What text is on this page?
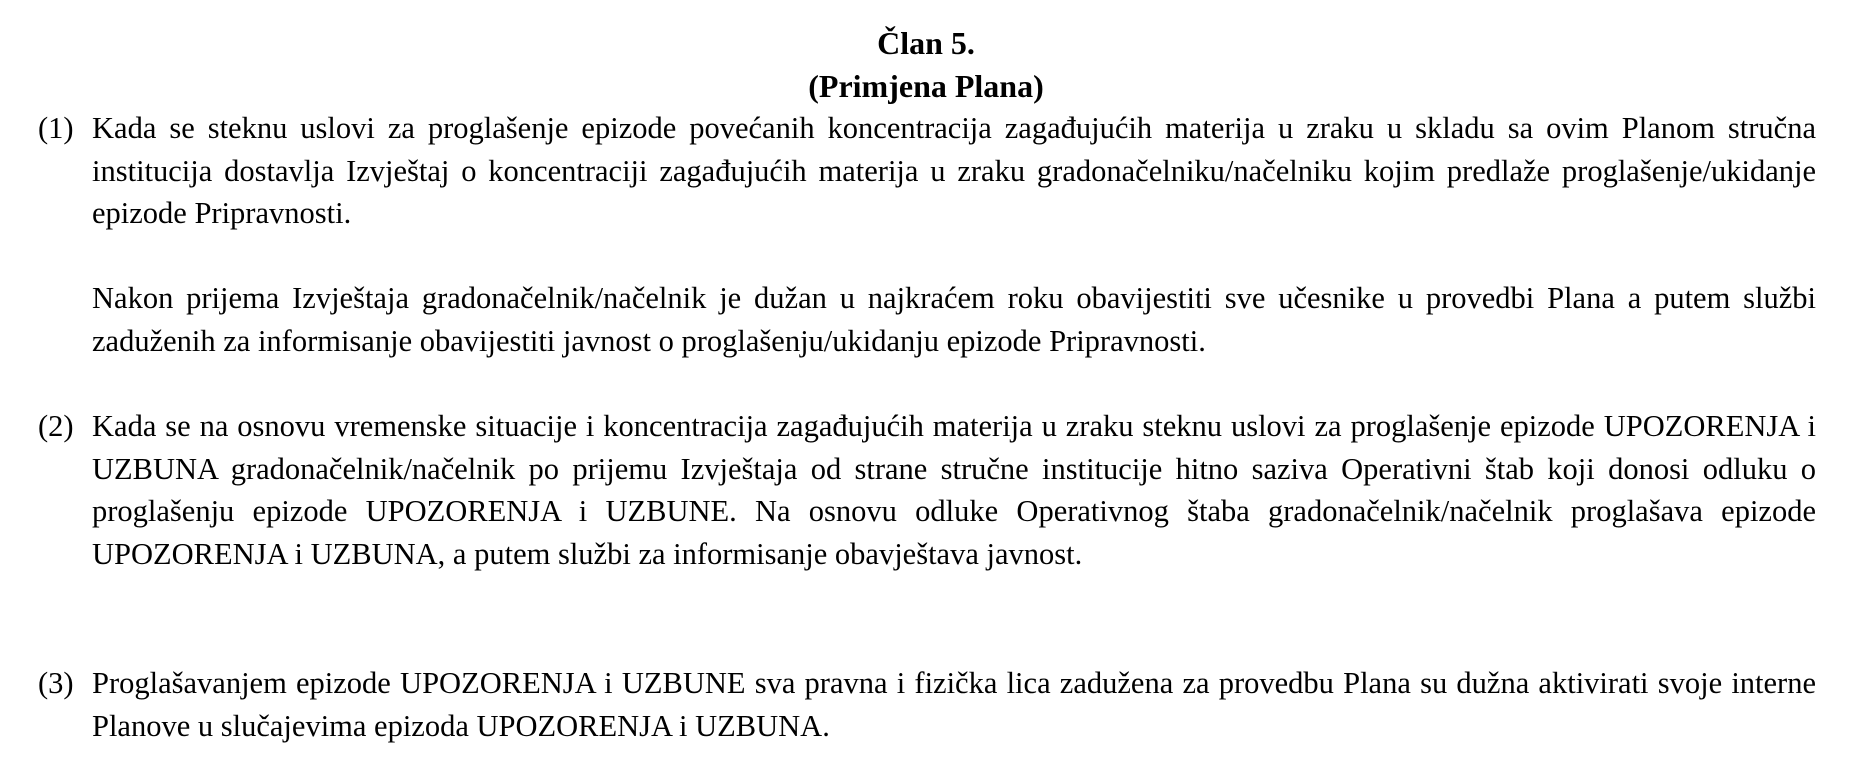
Član 5.
(Primjena Plana)
(1) Kada se steknu uslovi za proglašenje epizode povećanih koncentracija zagađujućih materija u zraku u skladu sa ovim Planom stručna institucija dostavlja Izvještaj o koncentraciji zagađujućih materija u zraku gradonačelniku/načelniku kojim predlaže proglašenje/ukidanje epizode Pripravnosti.

Nakon prijema Izvještaja gradonačelnik/načelnik je dužan u najkraćem roku obavijestiti sve učesnike u provedbi Plana a putem službi zaduženih za informisanje obavijestiti javnost o proglašenju/ukidanju epizode Pripravnosti.

(2) Kada se na osnovu vremenske situacije i koncentracija zagađujućih materija u zraku steknu uslovi za proglašenje epizode UPOZORENJA i UZBUNA gradonačelnik/načelnik po prijemu Izvještaja od strane stručne institucije hitno saziva Operativni štab koji donosi odluku o proglašenju epizode UPOZORENJA i UZBUNE. Na osnovu odluke Operativnog štaba gradonačelnik/načelnik proglašava epizode UPOZORENJA i UZBUNA, a putem službi za informisanje obavještava javnost.

(3) Proglašavanjem epizode UPOZORENJA i UZBUNE sva pravna i fizička lica zadužena za provedbu Plana su dužna aktivirati svoje interne Planove u slučajevima epizoda UPOZORENJA i UZBUNA.
